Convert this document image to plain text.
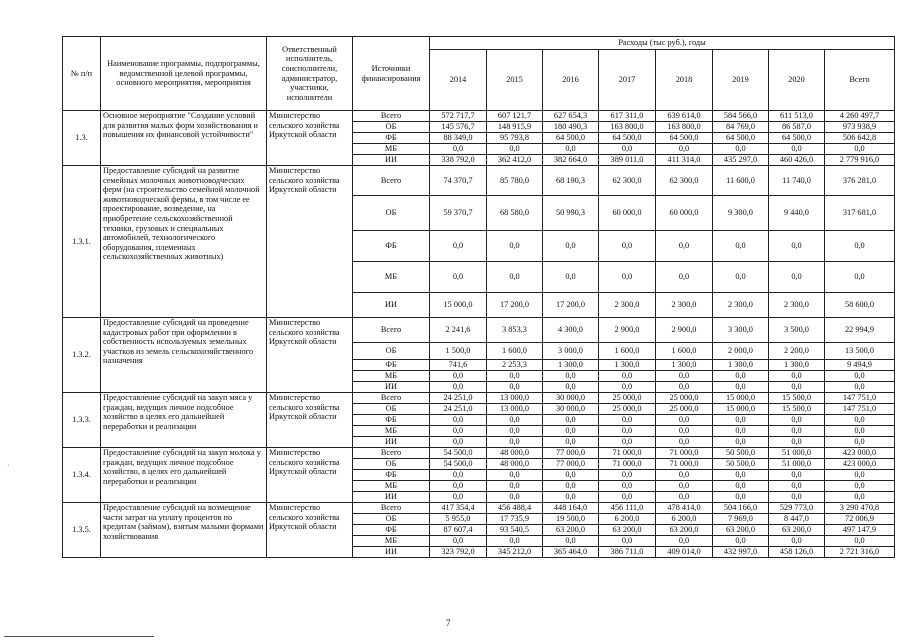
№ п/п	Наименование программы, подпрограммы, ведомственной целевой программы, основного мероприятия, мероприятия	Ответственный исполнитель, соисполнители, администратор, участники, исполнители	Источники финансирования	Расходы (тыс руб.), годы							
				2014	2015	2016	2017	2018	2019	2020	Всего
1.3.	Основное мероприятие "Создание условий для развития малых форм хозяйствования и повышения их финансовой устойчивости"	Министерство сельского хозяйства Иркутской области	Всего	572 717,7	607 121,7	627 654,3	617 311,0	639 614,0	584 566,0	611 513,0	4 260 497,7
			ОБ	145 576,7	148 915,9	180 490,3	163 800,0	163 800,0	84 769,0	86 587,0	973 938,9
			ФБ	88 349,0	95 793,8	64 500,0	64 500,0	64 500,0	64 500,0	64 500,0	506 642,8
			МБ	0,0	0,0	0,0	0,0	0,0	0,0	0,0	0,0
			ИИ	338 792,0	362 412,0	382 664,0	389 011,0	411 314,0	435 297,0	460 426,0	2 779 916,0
1.3.1.	Предоставление субсидий на развитие семейных молочных животноводческих ферм (на строительство семейной молочной животноводческой фермы, в том числе ее проектирование, возведение, на приобретение сельскохозяйственной техники, грузовых и специальных автомобилей, технологического оборудования, племенных сельскохозяйственных животных)	Министерство сельского хозяйства Иркутской области	Всего	74 370,7	85 780,0	68 190,3	62 300,0	62 300,0	11 600,0	11 740,0	376 281,0
			ОБ	59 370,7	68 580,0	50 990,3	60 000,0	60 000,0	9 300,0	9 440,0	317 681,0
			ФБ	0,0	0,0	0,0	0,0	0,0	0,0	0,0	0,0
			МБ	0,0	0,0	0,0	0,0	0,0	0,0	0,0	0,0
			ИИ	15 000,0	17 200,0	17 200,0	2 300,0	2 300,0	2 300,0	2 300,0	58 600,0
1.3.2.	Предоставление субсидий на проведение кадастровых работ при оформлении в собственность используемых земельных участков из земель сельскохозяйственного назначения	Министерство сельского хозяйства Иркутской области	Всего	2 241,6	3 853,3	4 300,0	2 900,0	2 900,0	3 300,0	3 500,0	22 994,9
			ОБ	1 500,0	1 600,0	3 000,0	1 600,0	1 600,0	2 000,0	2 200,0	13 500,0
			ФБ	741,6	2 253,3	1 300,0	1 300,0	1 300,0	1 300,0	1 300,0	9 494,9
			МБ	0,0	0,0	0,0	0,0	0,0	0,0	0,0	0,0
			ИИ	0,0	0,0	0,0	0,0	0,0	0,0	0,0	0,0
1.3.3.	Предоставление субсидий на закуп мяса у граждан, ведущих личное подсобное хозяйство в целях его дальнейшей переработки и реализации	Министерство сельского хозяйства Иркутской области	Всего	24 251,0	13 000,0	30 000,0	25 000,0	25 000,0	15 000,0	15 500,0	147 751,0
			ОБ	24 251,0	13 000,0	30 000,0	25 000,0	25 000,0	15 000,0	15 500,0	147 751,0
			ФБ	0,0	0,0	0,0	0,0	0,0	0,0	0,0	0,0
			МБ	0,0	0,0	0,0	0,0	0,0	0,0	0,0	0,0
			ИИ	0,0	0,0	0,0	0,0	0,0	0,0	0,0	0,0
1.3.4.	Предоставление субсидий на закуп молока у граждан, ведущих личное подсобное хозяйство, в целях его дальнейшей переработки и реализации	Министерство сельского хозяйства Иркутской области	Всего	54 500,0	48 000,0	77 000,0	71 000,0	71 000,0	50 500,0	51 000,0	423 000,0
			ОБ	54 500,0	48 000,0	77 000,0	71 000,0	71 000,0	50 500,0	51 000,0	423 000,0
			ФБ	0,0	0,0	0,0	0,0	0,0	0,0	0,0	0,0
			МБ	0,0	0,0	0,0	0,0	0,0	0,0	0,0	0,0
			ИИ	0,0	0,0	0,0	0,0	0,0	0,0	0,0	0,0
1.3.5.	Предоставление субсидий на возмещение части затрат на уплату процентов по кредитам (займам), взятым малыми формами хозяйствования	Министерство сельского хозяйства Иркутской области	Всего	417 354,4	456 488,4	448 164,0	456 111,0	478 414,0	504 166,0	529 773,0	3 290 470,8
			ОБ	5 955,0	17 735,9	19 500,0	6 200,0	6 200,0	7 969,0	8 447,0	72 006,9
			ФБ	87 607,4	93 540,5	63 200,0	63 200,0	63 200,0	63 200,0	63 200,0	497 147,9
			МБ	0,0	0,0	0,0	0,0	0,0	0,0	0,0	0,0
			ИИ	323 792,0	345 212,0	365 464,0	386 711,0	409 014,0	432 997,0	458 126,0	2 721 316,0
7
·
